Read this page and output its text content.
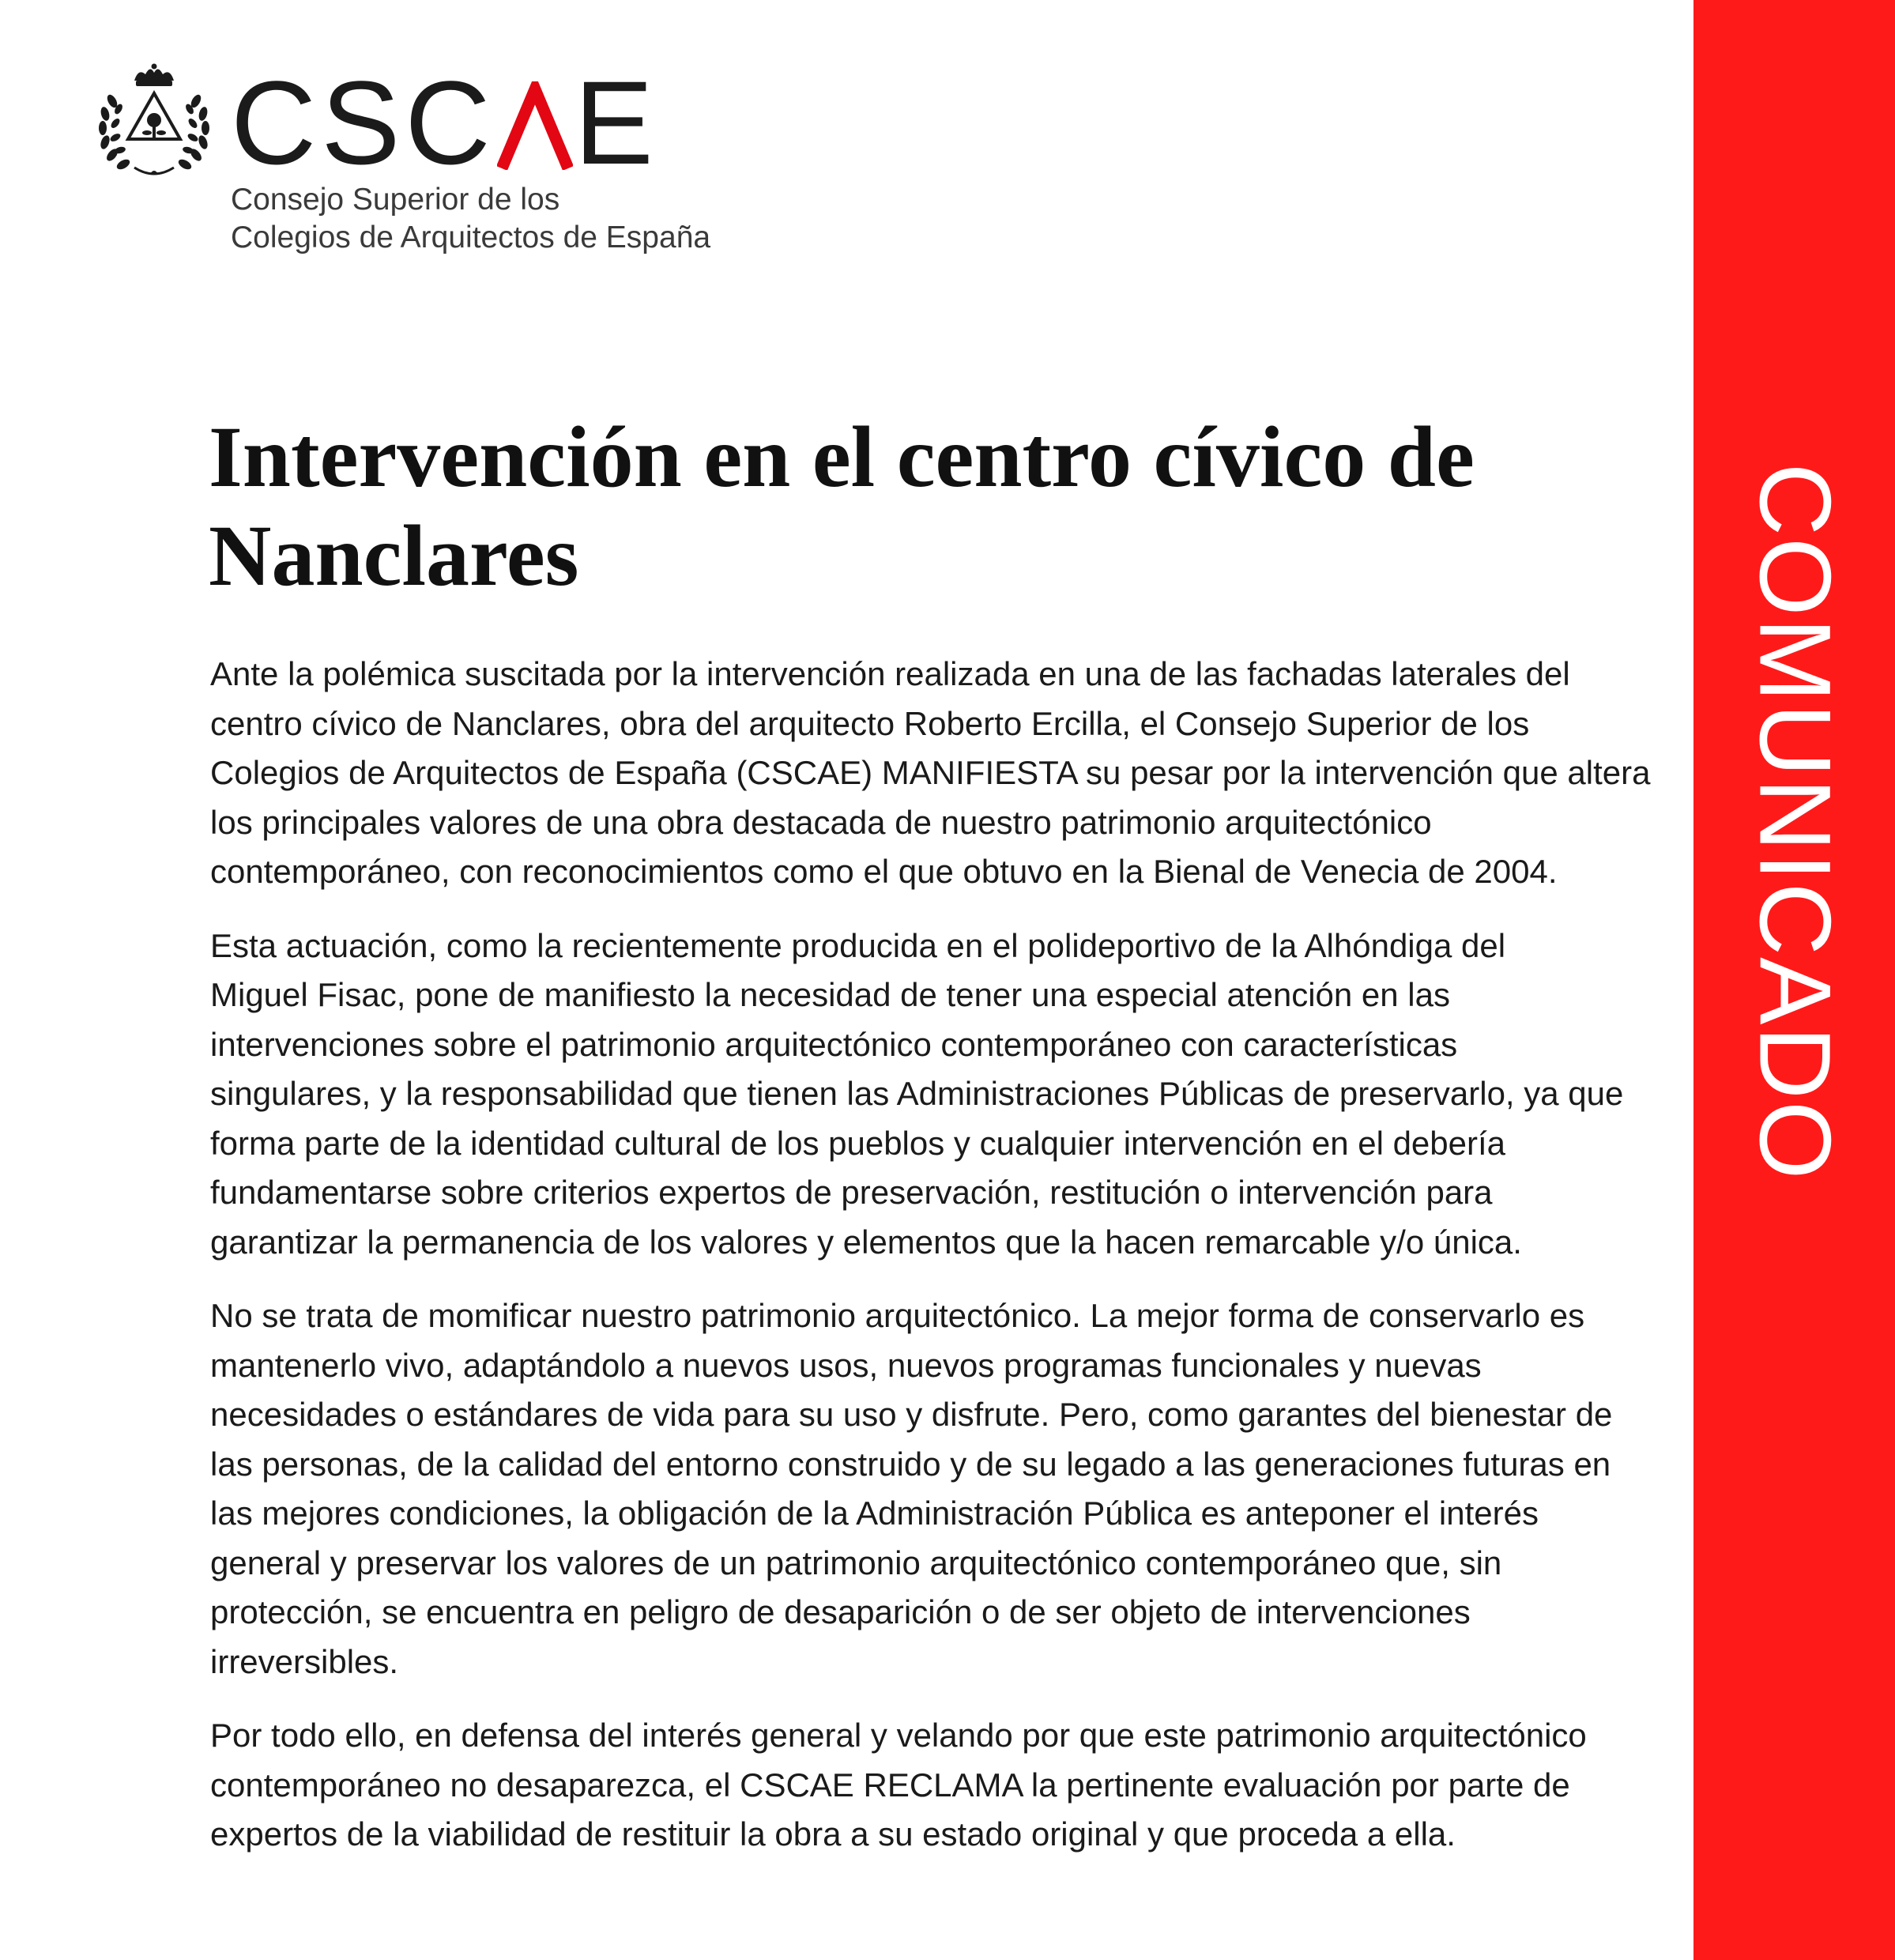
CSC E
Consejo Superior de los
Colegios de Arquitectos de España
COMUNICADO
Intervención en el centro cívico de
Nanclares

Ante la polémica suscitada por la intervención realizada en una de las fachadas laterales del
centro cívico de Nanclares, obra del arquitecto Roberto Ercilla, el Consejo Superior de los
Colegios de Arquitectos de España (CSCAE) MANIFIESTA su pesar por la intervención que altera
los principales valores de una obra destacada de nuestro patrimonio arquitectónico
contemporáneo, con reconocimientos como el que obtuvo en la Bienal de Venecia de 2004.

Esta actuación, como la recientemente producida en el polideportivo de la Alhóndiga del
Miguel Fisac, pone de manifiesto la necesidad de tener una especial atención en las
intervenciones sobre el patrimonio arquitectónico contemporáneo con características
singulares, y la responsabilidad que tienen las Administraciones Públicas de preservarlo, ya que
forma parte de la identidad cultural de los pueblos y cualquier intervención en el debería
fundamentarse sobre criterios expertos de preservación, restitución o intervención para
garantizar la permanencia de los valores y elementos que la hacen remarcable y/o única.

No se trata de momificar nuestro patrimonio arquitectónico. La mejor forma de conservarlo es
mantenerlo vivo, adaptándolo a nuevos usos, nuevos programas funcionales y nuevas
necesidades o estándares de vida para su uso y disfrute. Pero, como garantes del bienestar de
las personas, de la calidad del entorno construido y de su legado a las generaciones futuras en
las mejores condiciones, la obligación de la Administración Pública es anteponer el interés
general y preservar los valores de un patrimonio arquitectónico contemporáneo que, sin
protección, se encuentra en peligro de desaparición o de ser objeto de intervenciones
irreversibles.

Por todo ello, en defensa del interés general y velando por que este patrimonio arquitectónico
contemporáneo no desaparezca, el CSCAE RECLAMA la pertinente evaluación por parte de
expertos de la viabilidad de restituir la obra a su estado original y que proceda a ella.
